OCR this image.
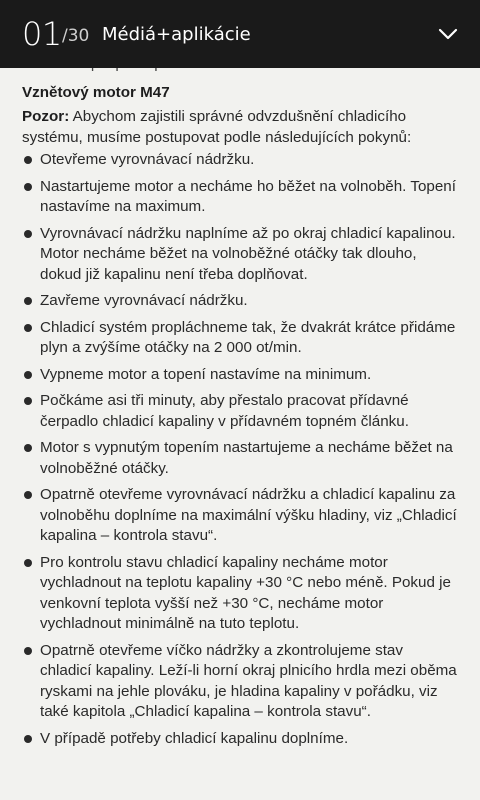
01 /30 Médiá+aplikácie

Vznětový motor M47

Pozor: Abychom zajistili správné odvzdušnění chladicího systému, musíme postupovat podle následujících pokynů:

Otevřeme vyrovnávací nádržku.
Nastartujeme motor a necháme ho běžet na volnoběh. Topení nastavíme na maximum.
Vyrovnávací nádržku naplníme až po okraj chladicí kapalinou. Motor necháme běžet na volnoběžné otáčky tak dlouho, dokud již kapalinu není třeba doplňovat.
Zavřeme vyrovnávací nádržku.
Chladicí systém propláchneme tak, že dvakrát krátce přidáme plyn a zvýšíme otáčky na 2 000 ot/min.
Vypneme motor a topení nastavíme na minimum.
Počkáme asi tři minuty, aby přestalo pracovat přídavné čerpadlo chladicí kapaliny v přídavném topném článku.
Motor s vypnutým topením nastartujeme a necháme běžet na volnoběžné otáčky.
Opatrně otevřeme vyrovnávací nádržku a chladicí kapalinu za volnoběhu doplníme na maximální výšku hladiny, viz „Chladicí kapalina – kontrola stavu“.
Pro kontrolu stavu chladicí kapaliny necháme motor vychladnout na teplotu kapaliny +30 °C nebo méně. Pokud je venkovní teplota vyšší než +30 °C, necháme motor vychladnout minimálně na tuto teplotu.
Opatrně otevřeme víčko nádržky a zkontrolujeme stav chladicí kapaliny. Leží-li horní okraj plnicího hrdla mezi oběma ryskami na jehle plováku, je hladina kapaliny v pořádku, viz také kapitola „Chladicí kapalina – kontrola stavu“.
V případě potřeby chladicí kapalinu doplníme.
